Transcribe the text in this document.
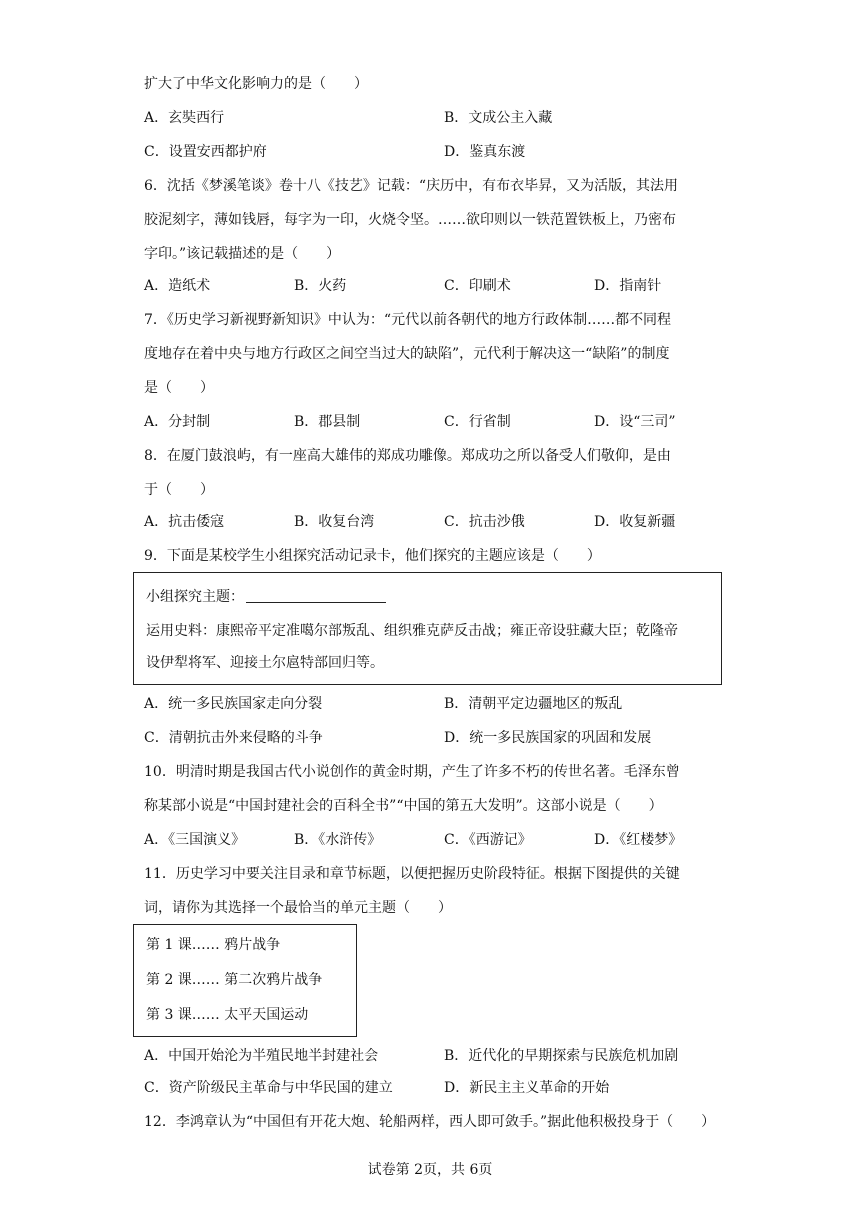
扩大了中华文化影响力的是（　　）
A．玄奘西行	B．文成公主入藏
C．设置安西都护府	D．鉴真东渡
6．沈括《梦溪笔谈》卷十八《技艺》记载：“庆历中，有布衣毕昇，又为活版，其法用
胶泥刻字，薄如钱唇，每字为一印，火烧令坚。……欲印则以一铁范置铁板上，乃密布
字印。”该记载描述的是（　　）
A．造纸术	B．火药	C．印刷术	D．指南针
7．《历史学习新视野新知识》中认为：“元代以前各朝代的地方行政体制……都不同程
度地存在着中央与地方行政区之间空当过大的缺陷”，元代利于解决这一“缺陷”的制度
是（　　）
A．分封制	B．郡县制	C．行省制	D．设“三司”
8．在厦门鼓浪屿，有一座高大雄伟的郑成功雕像。郑成功之所以备受人们敬仰，是由
于（　　）
A．抗击倭寇	B．收复台湾	C．抗击沙俄	D．收复新疆
9．下面是某校学生小组探究活动记录卡，他们探究的主题应该是（　　）
小组探究主题：
运用史料：康熙帝平定准噶尔部叛乱、组织雅克萨反击战；雍正帝设驻藏大臣；乾隆帝
设伊犁将军、迎接土尔扈特部回归等。
A．统一多民族国家走向分裂	B．清朝平定边疆地区的叛乱
C．清朝抗击外来侵略的斗争	D．统一多民族国家的巩固和发展
10．明清时期是我国古代小说创作的黄金时期，产生了许多不朽的传世名著。毛泽东曾
称某部小说是“中国封建社会的百科全书”“中国的第五大发明”。这部小说是（　　）
A．《三国演义》	B．《水浒传》	C．《西游记》	D．《红楼梦》
11．历史学习中要关注目录和章节标题，以便把握历史阶段特征。根据下图提供的关键
词，请你为其选择一个最恰当的单元主题（　　）
第 1 课…… 鸦片战争
第 2 课…… 第二次鸦片战争
第 3 课…… 太平天国运动
A．中国开始沦为半殖民地半封建社会	B．近代化的早期探索与民族危机加剧
C．资产阶级民主革命与中华民国的建立	D．新民主主义革命的开始
12．李鸿章认为“中国但有开花大炮、轮船两样，西人即可敛手。”据此他积极投身于（　　）
试卷第 2页，共 6页
